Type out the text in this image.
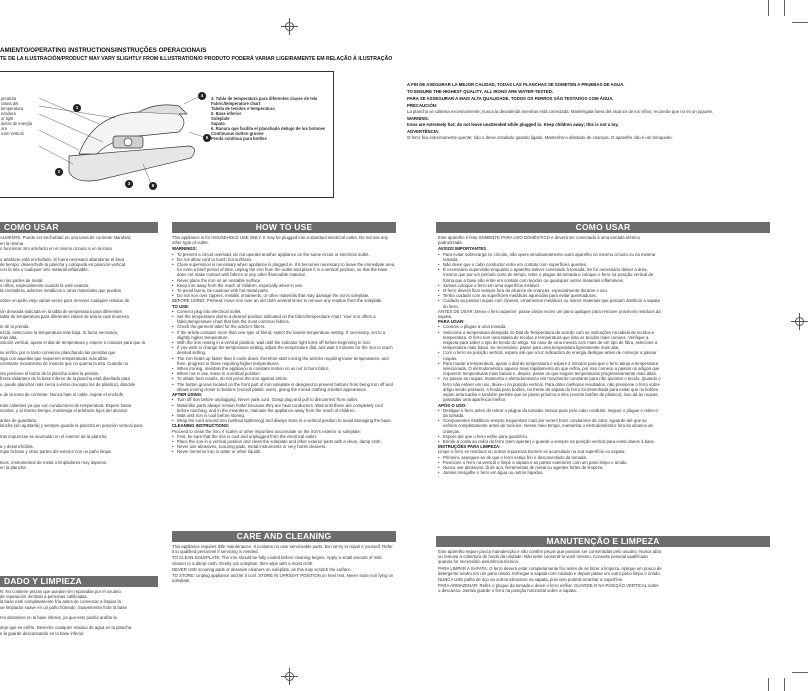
AMIENTO/OPERATING INSTRUCTIONS/INSTRUÇÕES OPERACIONAIS
TE DE LA ILUSTRACIÓN/PRODUCT MAY VARY SLIGHTLY FROM ILLUSTRATION/O PRODUTO PODERÁ VARIAR LIGEIRAMENTE EM RELAÇÃO À ILUSTRAÇÃO
peratura
ratura del
temperatura
ezadora
or light
adora de energía
ora
ición vertical
1
2
3
4
5
6
4. Tabla de temperatura para diferentes clases de tela
Fabric/temperature chart
Tabela de tecidos e temperatura
5. Base inferior
Soleplate
Sapata
6. Ranura que facilita el planchado debajo de los botones
Continuous button groove
Fenda contínua para botões

A FIN DE ASEGURAR LA MEJOR CALIDAD, TODAS LAS PLANCHAS SE SOMETEN A PRUEBAS DE AGUA.

TO ENSURE THE HIGHEST QUALITY, ALL IRONS ARE WATER-TESTED.

PARA SE ASSEGURAR A MAIS ALTA QUALIDADE, TODOS OS FERROS SÃO TESTADOS COM ÁGUA.

PRECAUCIÓN:
La plancha se calienta excesivamente; nunca la desatienda mientras está conectada. Manténgala fuera del alcance de los niños; recuerde que no es un juguete.

WARNING:
Irons are extremely hot; do not leave unattended while plugged in. Keep children away; this is not a toy.

ADVERTÊNCIA:
O ferro fica extremamente quente; não o deixe instalado quando ligado. Mantenha-o afastado de crianças. O aparelho não é um brinquedo.

COMO USAR

ALMENTE. Puede ser enchufado en una toma de corriente standard,

en la misma
o funcionar otro artefacto en el mismo circuito a en la toma

o artefacto está enchufado. Si fuera necesario abandonar el área
de tiempo, desenchufe la plancha y colóquela en posición vertical,
con la tela o cualquier otro material inflamable.

en las partes de metal.
s niños, especialmente cuando la esté usando.
la cremallera, adornos metálicos u otros materiales que puedan

sobre un paño viejo varias veces para remover cualquier residuo de

ión deseada indicada en la tabla de temperatura para diferentes
tabla de temperatura para diferentes clases de tela la cual enumera

ie de la prenda.
ezcla, seleccione la temperatura más baja. Si fuera necesario,
más alta.
osición vertical, ajuste el dial de temperatura y espere 2 minutos para que la

se enfría, por lo tanto comience planchando las prendas que
siga con aquellas que requieren temperaturas más altas.
constante movimiento de manera que no quema la tela. Cuando no

nte presione el botón de la plancha sobre la prenda.
frente delantero de la base inferior de la plancha está diseñado para
s, puede planchar más cerca a éstos (excepto los de plástico), dándole

e de la toma de corriente. Nunca hale el cable. Sujete el enchufe

más calientes ya que son conductores de temperatura. Espere hasta
scarlas, y al mismo tiempo, mantenga el artefacto lejos del alcance

antes de guardarla.
lancha (sin ajustarla) y siempre guarde la plancha en posición vertical para

tras impurezas se acumulan en el exterior de la plancha

a y desenchúfela.
mpie la base y otras partes del exterior con un paño limpio

tivos, instrumentos de metal o limpiadores muy ásperos.
en la plancha.
DADO Y LIMPIEZA
N. No contiene piezas que puedan ser reparadas por el usuario.
de reparación remítalo a personas calificadas.
la base esté completamente fría antes de comenzar a limpiar la
ue limpiador suave en un paño húmedo. Suavemente frote la base

res abrasivos en la base inferior, ya que esto podría arañar la

deje que se enfríe. Deseche cualquier residuo de agua en la plancha.
e la guarde descansando en la base inferior.
HOW TO USE

This appliance is for HOUSEHOLD USE ONLY. It may be plugged into a standard electrical outlet. Do not use any other type of outlet.

WARNINGS:
• To prevent a circuit overload, do not operate another appliance on the same circuit or electrical outlet.
• Do not allow cord to touch hot surfaces.
• Close supervision is necessary when appliance is plugged in. If it becomes necessary to leave the immediate area, for even a brief period of time, unplug the iron from the outlet and place it in a vertical position, so that the base does not make contact with fabrics or any other flammable material.
• Never place the iron on an unstable surface.
• Keep iron away from the reach of children, especially when in use.
• To avoid burns, be cautious with hot metal parts.
• Do not iron over zippers, metallic ornaments, or other materials that may damage the iron's soleplate.
BEFORE USING: Preheat; move iron over an old cloth several times to remove any residue from the soleplate.
TO USE:
• Connect plug into electrical outlet.
• Set the temperature dial to a desired position indicated on the fabric/temperature chart. Your iron offers a fabric/temperature chart that lists the most common fabrics.
• Check the garment label for the article's fibers.
• If the article contains more than one type of blend, select the lowest temperature setting. If necessary, set to a slightly higher temperature.
• With the iron resting in a vertical position, wait until the indicator light turns off before beginning to iron.
• If you wish to change the temperature setting, adjust the temperature dial, and wait 2 minutes for the iron to reach desired setting.
• The iron heats up faster than it cools down, therefore start ironing the articles requiring lower temperatures, and then, progress to those requiring higher temperatures.
• When ironing, maintain the appliance in constant motion so as not to burn fabric.
• When not in use, leave in a vertical position.
• To obtain best results, do not press the iron against article.
• The button groove located on the front part of iron soleplate is designed to prevent buttons from being torn off and allows ironing closer to buttons (except plastic ones), giving the ironed clothing a better appearance.
AFTER USING:
• Turn off iron before unplugging. Never yank cord. Grasp plug and pull to disconnect from outlet.
• Metal-like parts always remain hotter because they are heat conductors. Wait until these are completely cool before touching, and in the meantime, maintain the appliance away from the reach of children.
• Wait until iron is cool before storing.
• Wrap the cord around iron (without tightening) and always store in a vertical position to avoid damaging the base.
CLEANING INSTRUCTIONS:
Proceed to clean the iron, if scales or other impurities accumulate on the iron's exterior or soleplate:
• First, be sure that the iron is cool and unplugged from the electrical outlet.
• Place the iron in a vertical position and clean the soleplate and other exterior parts with a clean, damp cloth.
• Never use abrasives, scouring pads, metal instruments or very harsh cleaners.
• Never immerse iron in water or other liquids.
CARE AND CLEANING

This appliance requires little maintenance. It contains no user serviceable parts. Do not try to repair it yourself. Refer it to qualified personnel if servicing is needed.

TO CLEAN SOLEPLATE: The iron should be fully cooled before cleaning begins. Apply a small amount of mild cleaner to a damp cloth. Gently rub soleplate, then wipe with a moist cloth.

NEVER USE scouring pads or abrasive cleaners on soleplate, as this may scratch the surface.

TO STORE: Unplug appliance and let it cool. STORE IN UPRIGHT POSITION on heel rest. Never store iron lying on soleplate.

COMO USAR

Este aparelho é feito SOMENTE PARA USO DOMÉSTICO e deverá ser conectado à uma tomada elétrica padronizada.

AVISOS IMPORTANTES
• Para evitar sobrecarga no circuito, não opere simultaneamente outro aparelho no mesmo circuito ou na mesma tomada.
• Não deixe que o cabo conductor entre em contato com superfícies quentes.
• É necessário supervisão enquanto o aparelho estiver conectado à tomada. Se for necessário deixar a área, mesmo que por um período curto de tempo, retire o plugue da tomada e coloque o ferro na posição vertical de forma que a base não entre em contato com tecidos ou quaisquer outros materiais inflamáveis.
• Jamais coloque o ferro em uma superfície instável.
• O ferro deverá ficar sempre fora do alcance de crianças, especialmente durante o uso.
• Tenha cuidado com as superfícies metálicas aquecidas para evitar queimaduras.
• Cuidado ao passar roupas com zíperes, ornamentos metálicos ou outros materiais que possam danificar a sapata do ferro.
ANTES DE USAR: Deixe o ferro aquecer; passe várias vezes um pano qualquer para remover possíveis resíduos da sapata.
PARA USAR:
• Conecte o plugue a uma tomada.
• Selecione a temperatura desejada no Dial de Temperatura de acordo com as indicações na tabela de tecidos e temperatura. O ferro tem uma tabela de tecidos e temperatura que lista os tecidos mais comuns. Verifique a etiqueta para saber o tipo de tecido do artigo. No caso de uma mescla com mais de um tipo de fibra, selecione a temperatura mais baixa. Se necessário, passe para uma temperatura ligeiramente mais alta.
• Com o ferro na posição vertical, espere até que a luz indicadora de energia desligue antes de começar a passar roupas.
• Para mudar a temperatura, ajuste o dial de temperatura e espere 2 minutos para que o ferro atinja a temperatura selecionada. O eletrodoméstico aquece mais rapidamente do que esfria, por isso comece a passar os artigos que requerem temperaturas mais baixas e, depois, passe os que exigem temperaturas progressivamente mais altas.
• Ao passar as roupas, mantenha o eletrodoméstico em movimento constante para não queimar o tecido. Quando o ferro não estiver em uso, deixe-o na posição vertical. Para obter melhores resultados, não pressione o ferro sobre artigo sendo passado. A fenda para botões, na frente da sapata do ferro foi desenhada para evitar que os botões sejam arrancados e também permite que se passe próximo a eles (exceto botões de plástico), isso dá às roupas passadas uma aparência melhor.
APÓS O USO:
• Desligue o ferro antes de retirar o plugue da tomada. Nunca puxe pelo cabo condutor. Segure o plugue e retire-o da tomada.
• Componentes metálicos sempre esquentam mais por serem bons condutores de calor. Aguarde até que se esfriem completamente antes de tocá-los. Nesse meio tempo, mantenha o eletrodoméstico fora do alcance de crianças.
• Espere até que o ferro esfrie para guardá-lo.
• Enrole a corda ao redor do ferro (sem apertar) e guarde-o sempre na posição vertical para evitar danos à base.
INSTRUÇÕES PARA LIMPEZA:
Limpe o ferro se resíduos ou outras impurezas tiverem se acumulado na sua superfície ou sapata:
• Primeiro, assegure-se de que o ferro esteja frio e desconectado da tomada.
• Posicione o ferro na vertical e limpe a sapata e as partes exteriores com um pano limpo e úmido.
• Nunca use abrasivos, lã de aço, ferramentas de metal ou agentes fortes de limpeza.
• Jamais mergulhe o ferro em água ou outros líquidos.
MANUTENÇÃO E LIMPEZA

Este aparelho requer pouca manutenção e não contém peças que possam ser consertadas pelo usuário. Nunca abra ou remova a cobertura de fundo da unidade. Não tente consertá-lo você mesmo. Consulte pessoal qualificado quando for necessário assistência técnica.

PARA LIMPAR A SAPATA: O ferro deverá estar completamente frio antes de se fazer a limpeza. Aplique um pouco de detergente neutro em um pano úmido. Esfregue a sapata com cuidado e depois passe um outro pano limpo e úmido.

NUNCA USE palha de aço ou outros abrasivos na sapata, pois isso poderá arranhar a superfície.

PARA ARMAZENAR: Retire o plugue da tomada e deixe o ferro esfriar. GUARDE-O NA POSIÇÃO VERTICAL sobre o descanso. Jamais guarde o ferro na posição horizontal sobre a sapata.
